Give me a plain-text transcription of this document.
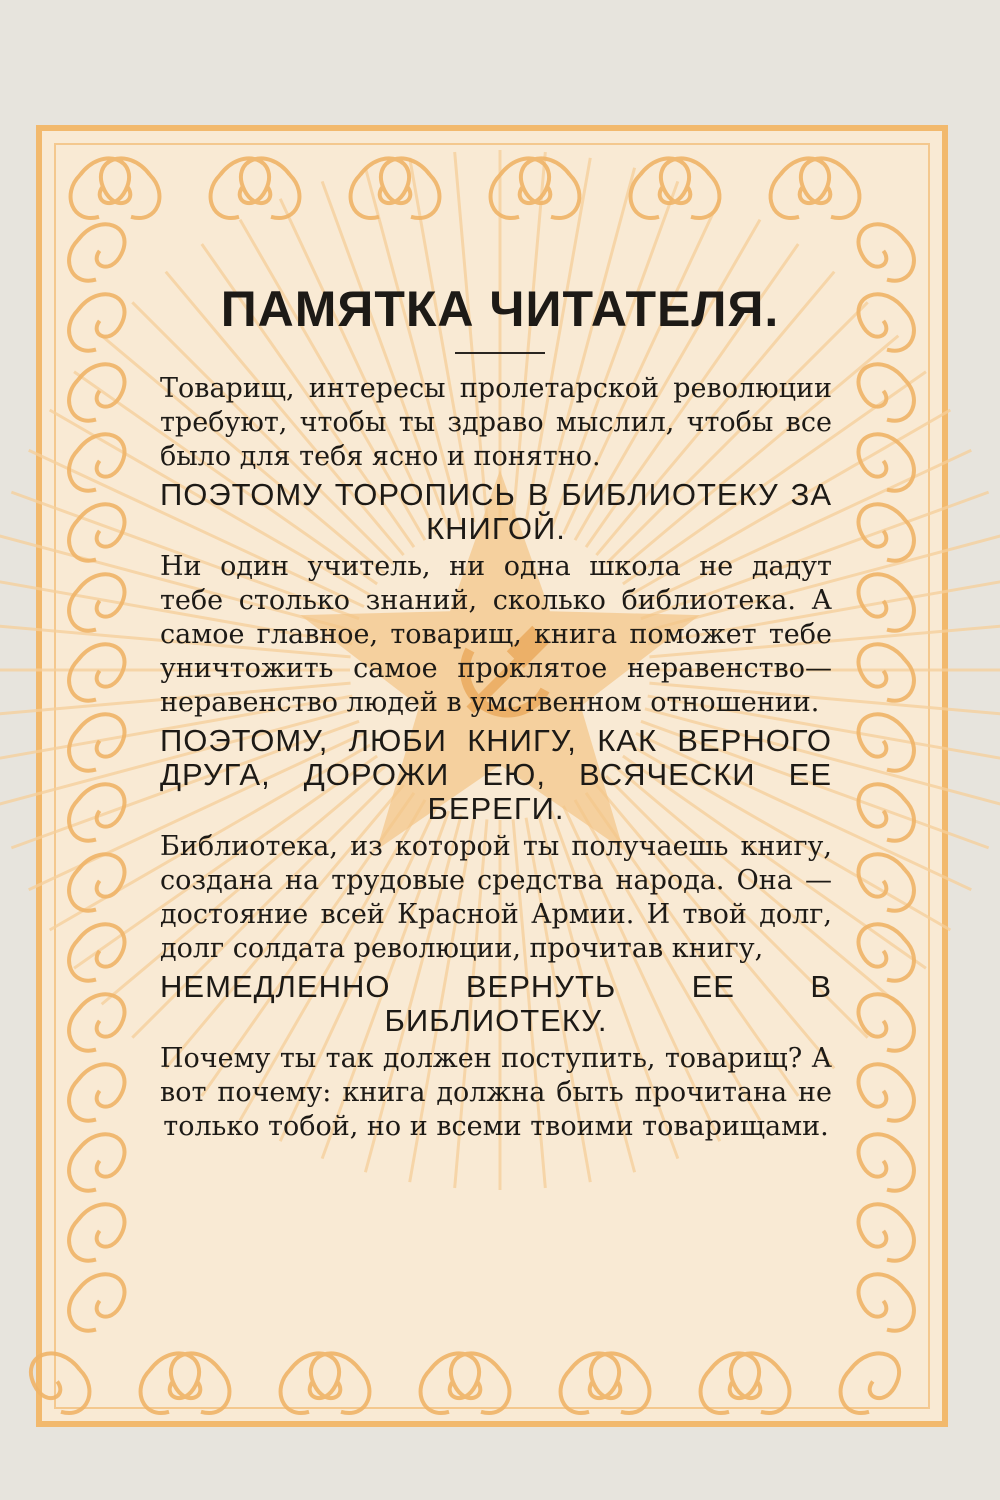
ПАМЯТКА ЧИТАТЕЛЯ.

Товарищ, интересы пролетарской революции требуют, чтобы ты здраво мыслил, чтобы все было для тебя ясно и понятно.

ПОЭТОМУ ТОРОПИСЬ В БИБЛИОТЕКУ ЗА КНИГОЙ.

Ни один учитель, ни одна школа не дадут тебе столько знаний, сколько библиотека. А самое главное, товарищ, книга поможет тебе уничтожить самое проклятое неравенство—неравенство людей в умственном отношении.

ПОЭТОМУ, ЛЮБИ КНИГУ, КАК ВЕРНОГО ДРУГА, ДОРОЖИ ЕЮ, ВСЯЧЕСКИ ЕЕ БЕРЕГИ.

Библиотека, из которой ты получаешь книгу, создана на трудовые средства народа. Она — достояние всей Красной Армии. И твой долг, долг солдата революции, прочитав книгу,

НЕМЕДЛЕННО ВЕРНУТЬ ЕЕ В БИБЛИОТЕКУ.

Почему ты так должен поступить, товарищ? А вот почему: книга должна быть прочитана не только тобой, но и всеми твоими товарищами.
